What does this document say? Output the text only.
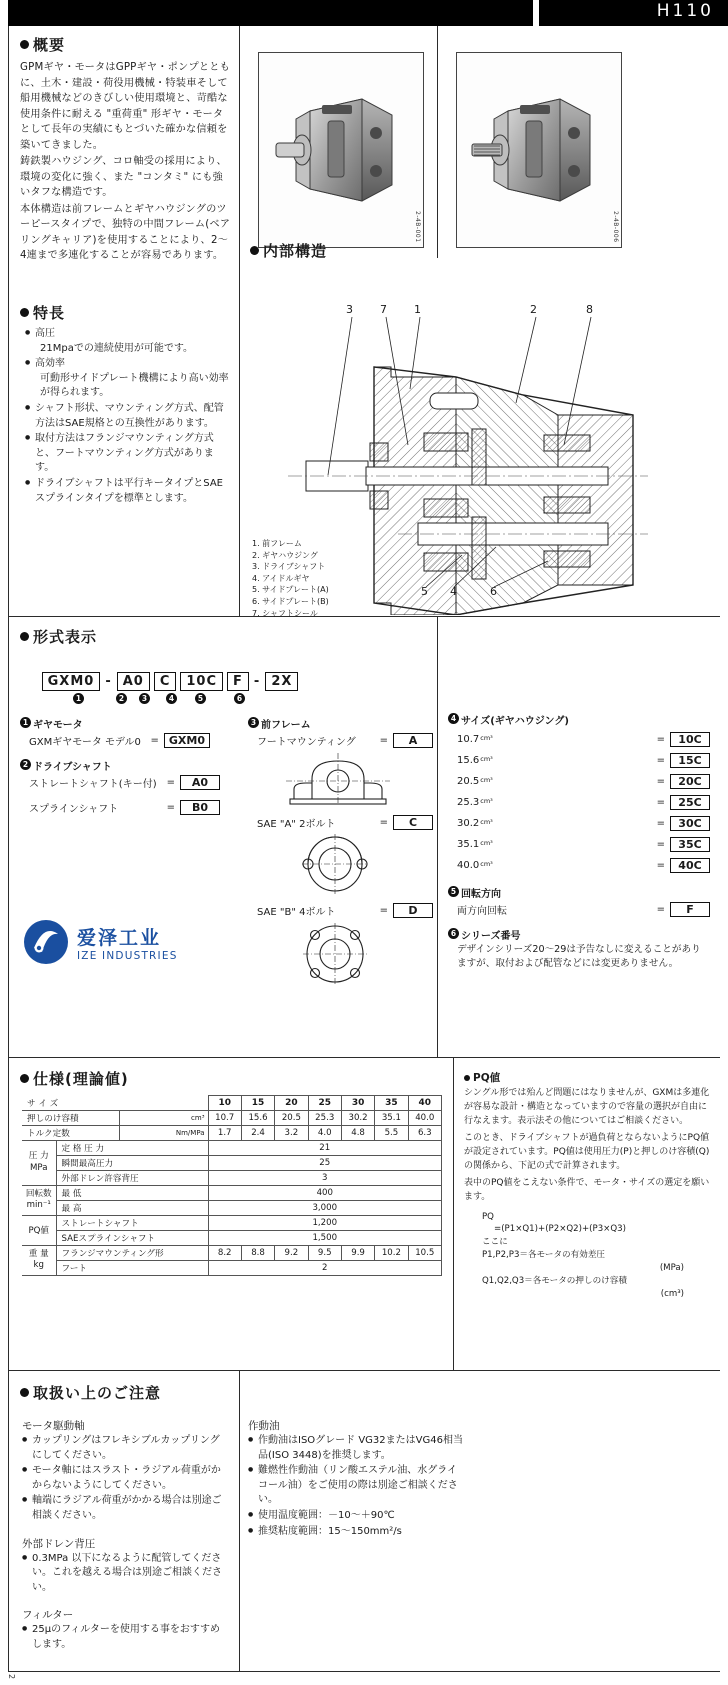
H110
概要

GPMギヤ・モータはGPPギヤ・ポンプとともに、土木・建設・荷役用機械・特装車そして船用機械などのきびしい使用環境と、苛酷な使用条件に耐える "重荷重" 形ギヤ・モータとして長年の実績にもとづいた確かな信頼を築いてきました。

鋳鉄製ハウジング、コロ軸受の採用により、環境の変化に強く、また "コンタミ" にも強いタフな構造です。

本体構造は前フレームとギヤハウジングのツーピースタイプで、独特の中間フレーム(ベアリングキャリア)を使用することにより、2〜4連まで多連化することが容易であります。

特長
● 高圧
21Mpaでの連続使用が可能です。
● 高効率
可動形サイドプレート機構により高い効率が得られます。
● シャフト形状、マウンティング方式、配管方法はSAE規格との互換性があります。
● 取付方法はフランジマウンティング方式と、フートマウンティング方式があります。
● ドライブシャフトは平行キータイプとSAEスプラインタイプを標準とします。
2-4B-001	2-4B-006
内部構造
3 7 1	2	8
5 4	6
1. 前フレーム
2. ギヤハウジング
3. ドライブシャフト
4. アイドルギヤ
5. サイドプレート(A)
6. サイドプレート(B)
7. シャフトシール
形式表示
GXM0 - A0	C	10C	F - 2X
1	2	3	4	5	6
1 ギヤモータ
GXMギヤモータ モデル0 = GXM0
2 ドライブシャフト
ストレートシャフト(キー付)	=	A0
スプラインシャフト	=	B0
3 前フレーム
フートマウンティング	=	A
SAE "A" 2ボルト	=	C
SAE "B" 4ボルト	=	D
4 サイズ(ギヤハウジング)
$10.7^{cm^3}$	=	10C
$15.6^{cm^3}$	=	15C
$20.5^{cm^3}$	=	20C
$25.3^{cm^3}$	=	25C
$30.2^{cm^3}$	=	30C
$35.1^{cm^3}$	=	35C
$40.0^{cm^3}$	=	40C
5 回転方向
両方向回転	=	F
6 シリーズ番号
デザインシリーズ20〜29は予告なしに変えることがありますが、取付および配管などには変更ありません。
爱泽工业
IZE INDUSTRIES
仕様(理論値)
サ イ ズ			10	15	20	25	30	35	40
押しのけ容積		cm³	10.7	15.6	20.5	25.3	30.2	35.1	40.0
トルク定数		Nm/MPa	1.7	2.4	3.2	4.0	4.8	5.5	6.3
圧 力
MPa	定 格 圧 力		21						
	瞬間最高圧力		25						
	外部ドレン許容背圧		3						
回転数
min⁻¹	最 低		400						
	最 高		3,000						
PQ値	ストレートシャフト		1,200						
	SAEスプラインシャフト		1,500						
重 量
kg	フランジマウンティング形		8.2	8.8	9.2	9.5	9.9	10.2	10.5
	フート		2						
PQ値
シングル形では殆んど問題にはなりませんが、GXMは多連化が容易な設計・構造となっていますので容量の選択が自由に行なえます。表示法その他についてはご相談ください。
このとき、ドライブシャフトが過負荷とならないようにPQ値が設定されています。PQ値は使用圧力(P)と押しのけ容積(Q)の関係から、下記の式で計算されます。
表中のPQ値をこえない条件で、モータ・サイズの選定を願います。
PQ
=(P1×Q1)+(P2×Q2)+(P3×Q3)
ここに
P1,P2,P3＝各モータの有効差圧
(MPa)
Q1,Q2,Q3＝各モータの押しのけ容積
(cm³)
取扱い上のご注意
モータ駆動軸
● カップリングはフレキシブルカップリングにしてください。
● モータ軸にはスラスト・ラジアル荷重がかからないようにしてください。
● 軸端にラジアル荷重がかかる場合は別途ご相談ください。
外部ドレン背圧
● 0.3MPa 以下になるように配管してください。これを越える場合は別途ご相談ください。
フィルター
● 25μのフィルターを使用する事をおすすめします。
作動油
● 作動油はISOグレード VG32またはVG46相当品(ISO 3448)を推奨します。
● 難燃性作動油（リン酸エステル油、水グライコール油）をご使用の際は別途ご相談ください。
● 使用温度範囲：－10〜＋90℃
● 推奨粘度範囲：15〜150mm²/s
2
